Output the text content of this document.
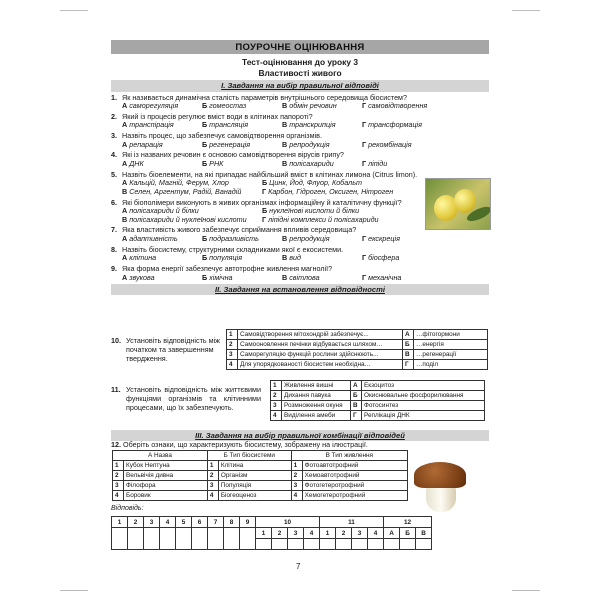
ПОУРОЧНЕ ОЦІНЮВАННЯ
Тест-оцінювання до уроку 3
Властивості живого
І. Завдання на вибір правильної відповіді
1. Як називається динамічна сталість параметрів внутрішнього середовища біосистем?
А саморегуляція	Б гомеостаз	В обмін речовин	Г самовідтворення
2. Який із процесів регулює вміст води в клітинах папороті?
А транспірація	Б трансляція	В транскрипція	Г трансформація
3. Назвіть процес, що забезпечує самовідтворення організмів.
А репарація	Б регенерація	В репродукція	Г рекомбінація
4. Які із названих речовин є основою самовідтворення вірусів грипу?
А ДНК	Б РНК	В полісахариди	Г ліпіди
5. Назвіть біоелементи, на які припадає найбільший вміст в клітинах лимона (Citrus limon).
А Кальцій, Магній, Ферум, Хлор	Б Цинк, Йод, Флуор, Кобальт
В Селен, Аргентум, Радій, Ванадій	Г Карбон, Гідроген, Оксиген, Нітроген
6. Які біополімери виконують в живих організмах інформаційну й каталітичну функції?
А полісахариди й білки	Б нуклеїнові кислоти й білки
В полісахариди й нуклеїнові кислоти	Г ліпідні комплекси й полісахариди
7. Яка властивість живого забезпечує сприймання впливів середовища?
А адаптивність	Б подразливість	В репродукція	Г екскреція
8. Назвіть біосистему, структурними складниками якої є екосистеми.
А клітина	Б популяція	В вид	Г біосфера
9. Яка форма енергії забезпечує автотрофне живлення магнолії?
А звукова	Б хімічна	В світлова	Г механічна
ІІ. Завдання на встановлення відповідності
10. Установіть відповідність між початком та завершенням твердження.
1	Самовідтворення мітохондрій забезпечує...	А	…фітогормони
2	Самооновлення печінки відбувається шляхом…	Б	…енергія
3	Саморегуляцію функцій рослини здійснюють...	В	…регенерації
4	Для упорядкованості біосистем необхідна…	Г	…поділ
11. Установіть відповідність між життєвими функціями організмів та клітинними процесами, що їх забезпечують.
1	Живлення вишні	А	Екзоцитоз
2	Дихання павука	Б	Окиснювальне фосфорилювання
3	Розмноження окуня	В	Фотосинтез
4	Виділення амеби	Г	Реплікація ДНК
ІІІ. Завдання на вибір правильної комбінації відповідей
12. Оберіть ознаки, що характеризують біосистему, зображену на ілюстрації.
А Назва		Б Тип біосистеми		В Тип живлення	
1	Кубок Нептуна	1	Клітина	1	Фотоавтотрофний
2	Вельвічія дивна	2	Організм	2	Хемоавтотрофний
3	Філофора	3	Популяція	3	Фотогетеротрофний
4	Боровик	4	Біогеоценоз	4	Хемогетеротрофний
Відповідь:
1	2	3	4	5	6	7	8	9	10				11				12		
									1	2	3	4	1	2	3	4	А	Б	В

7
